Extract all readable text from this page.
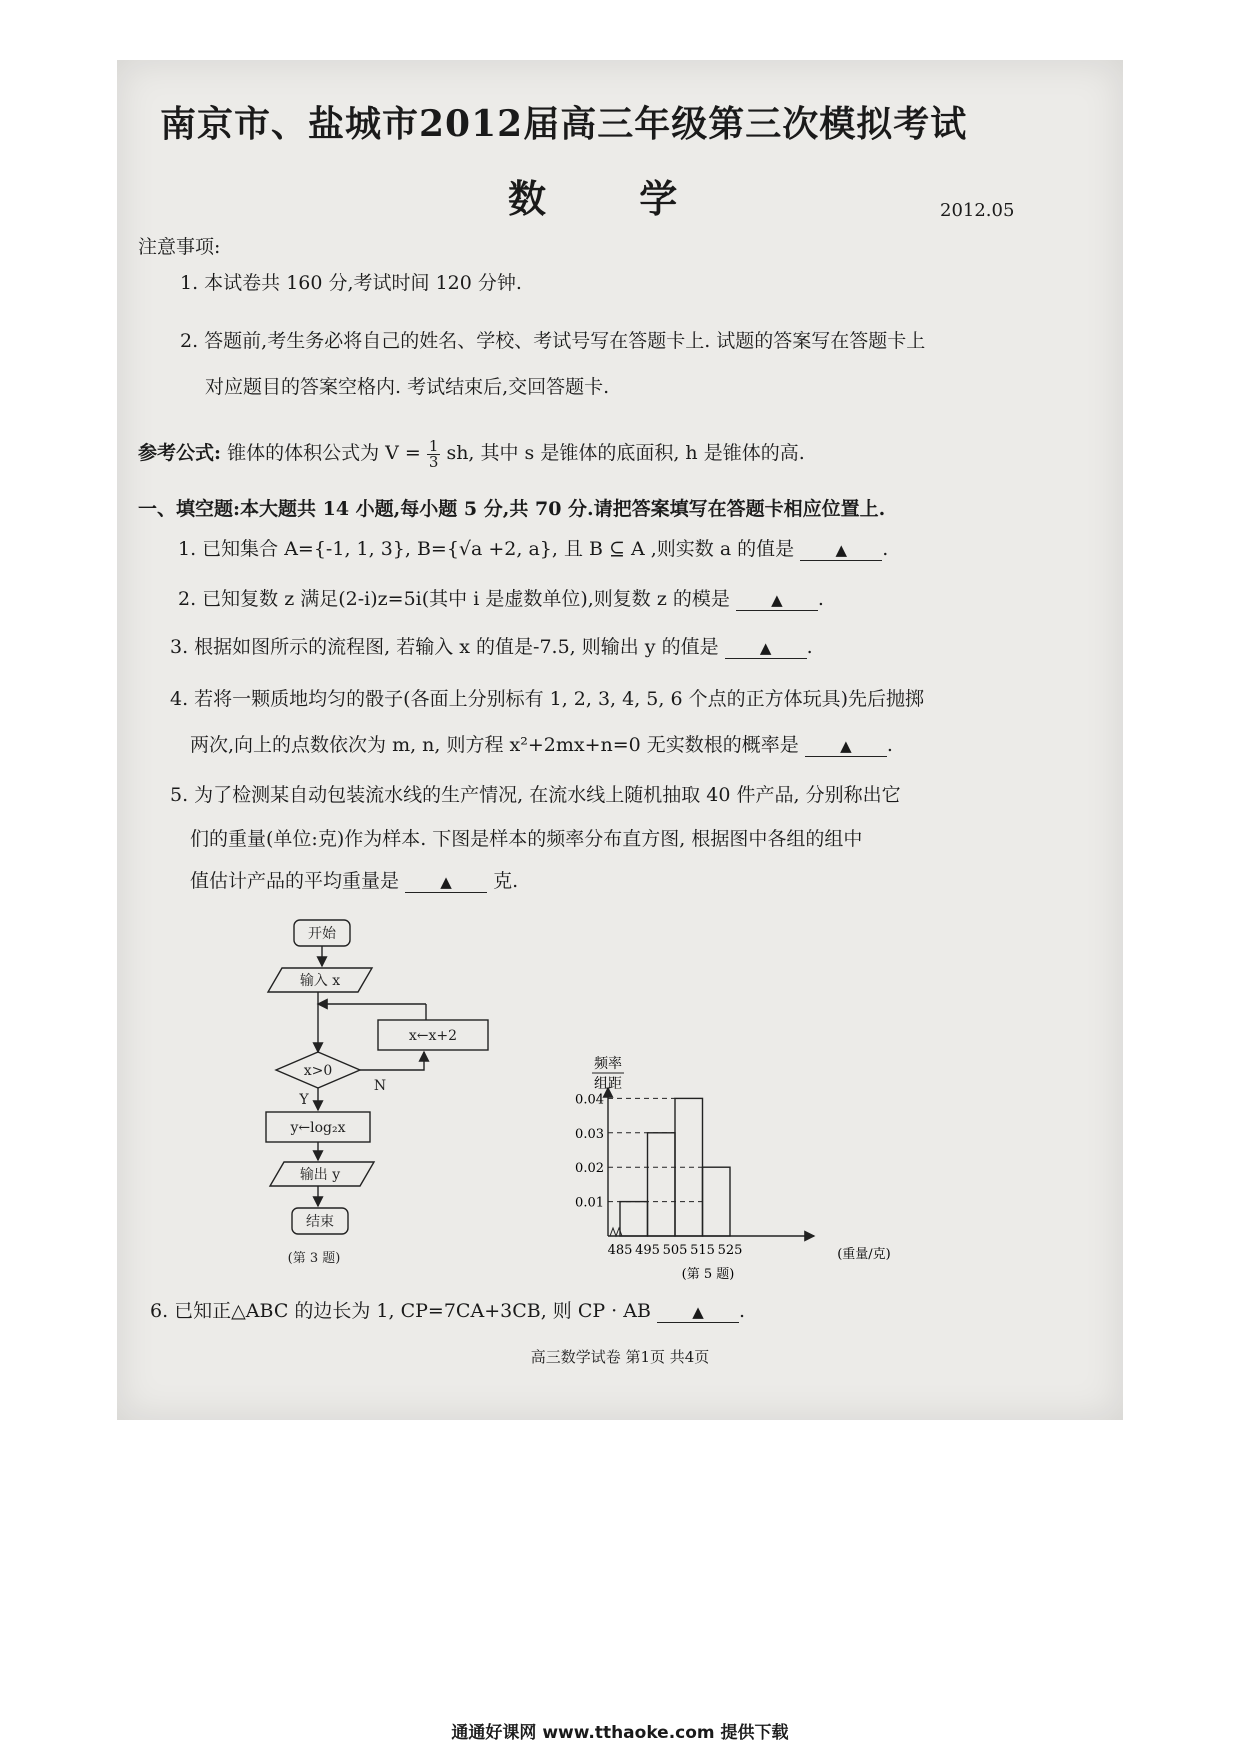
南京市、盐城市2012届高三年级第三次模拟考试
数 学	2012.05
注意事项:
1. 本试卷共 160 分,考试时间 120 分钟.
2. 答题前,考生务必将自己的姓名、学校、考试号写在答题卡上. 试题的答案写在答题卡上
对应题目的答案空格内. 考试结束后,交回答题卡.
参考公式: 锥体的体积公式为 $V = \frac{1}{3}$ sh, 其中 s 是锥体的底面积, h 是锥体的高.
一、填空题:本大题共 14 小题,每小题 5 分,共 70 分.请把答案填写在答题卡相应位置上.
1. 已知集合 A={-1, 1, 3}, B={√a +2, a}, 且 B ⊆ A ,则实数 a 的值是	▲ .
2. 已知复数 z 满足(2-i)z=5i(其中 i 是虚数单位),则复数 z 的模是	▲ .
3. 根据如图所示的流程图, 若输入 x 的值是-7.5, 则输出 y 的值是	▲ .
4. 若将一颗质地均匀的骰子(各面上分别标有 1, 2, 3, 4, 5, 6 个点的正方体玩具)先后抛掷
两次,向上的点数依次为 m, n, 则方程 x²+2mx+n=0 无实数根的概率是	▲ .
5. 为了检测某自动包装流水线的生产情况, 在流水线上随机抽取 40 件产品, 分别称出它
们的重量(单位:克)作为样本. 下图是样本的频率分布直方图, 根据图中各组的组中
值估计产品的平均重量是	▲ 克.
开始
输入 x
x←x+2
x>0
N
Y
y←log₂x
输出 y
结束
(第 3 题)
频率
组距
(重量/克)
(第 5 题)
0.01
0.02
0.03
0.04
485 495 505 515 525
6. 已知正△ABC 的边长为 1, CP=7CA+3CB, 则 CP · AB	▲ .
高三数学试卷 第1页 共4页
通通好课网 www.tthaoke.com 提供下载
